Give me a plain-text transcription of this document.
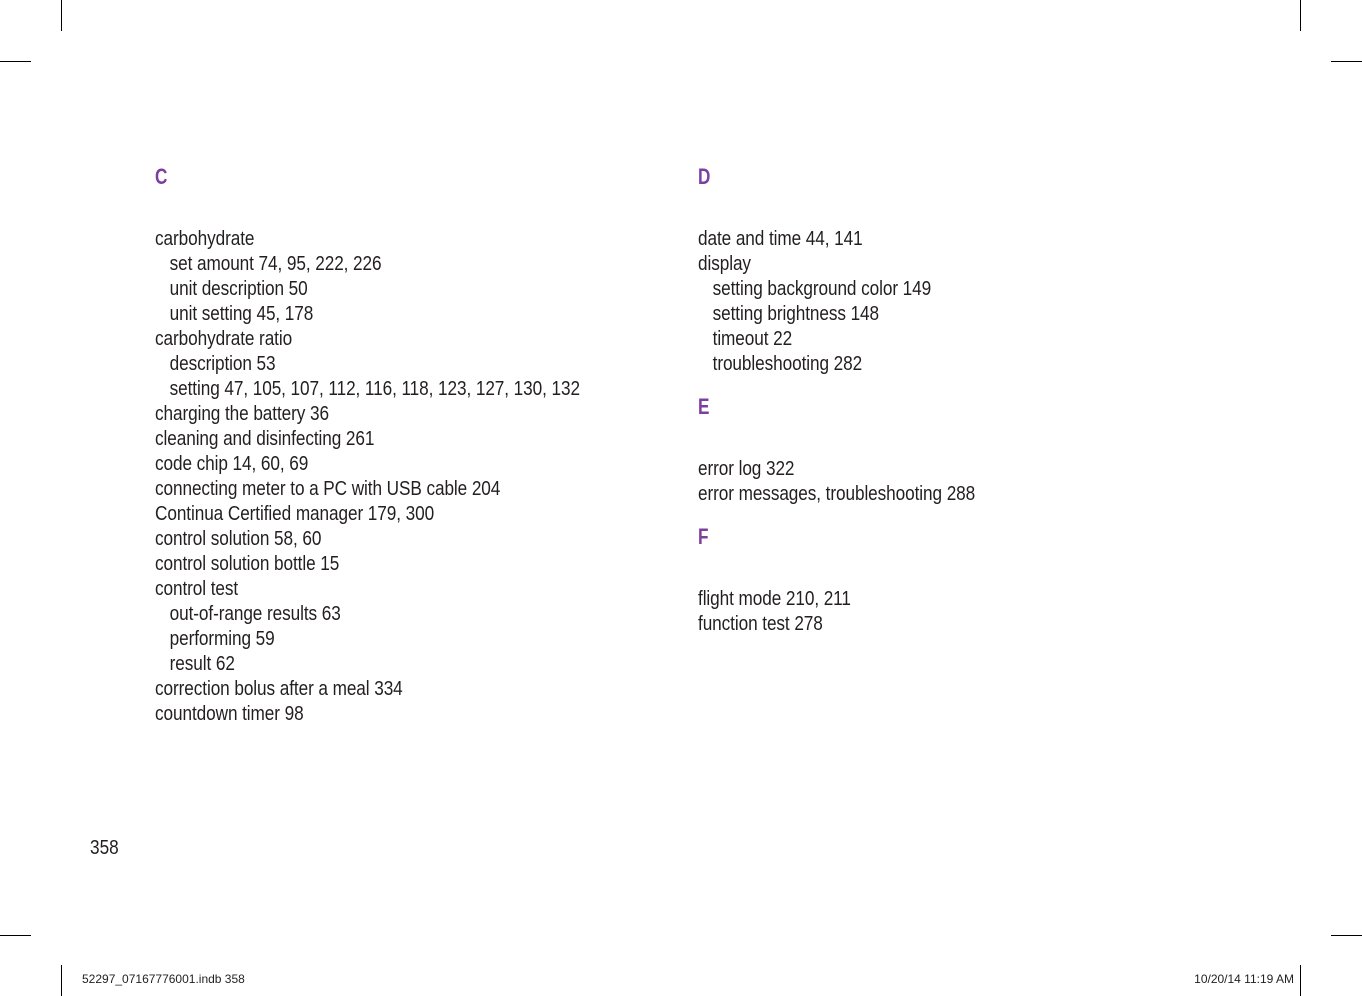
C
carbohydrate
set amount 74, 95, 222, 226
unit description 50
unit setting 45, 178
carbohydrate ratio
description 53
setting 47, 105, 107, 112, 116, 118, 123, 127, 130, 132
charging the battery 36
cleaning and disinfecting 261
code chip 14, 60, 69
connecting meter to a PC with USB cable 204
Continua Certified manager 179, 300
control solution 58, 60
control solution bottle 15
control test
out-of-range results 63
performing 59
result 62
correction bolus after a meal 334
countdown timer 98
D
date and time 44, 141
display
setting background color 149
setting brightness 148
timeout 22
troubleshooting 282
E
error log 322
error messages, troubleshooting 288
F
flight mode 210, 211
function test 278
358
52297_07167776001.indb 358	10/20/14 11:19 AM
